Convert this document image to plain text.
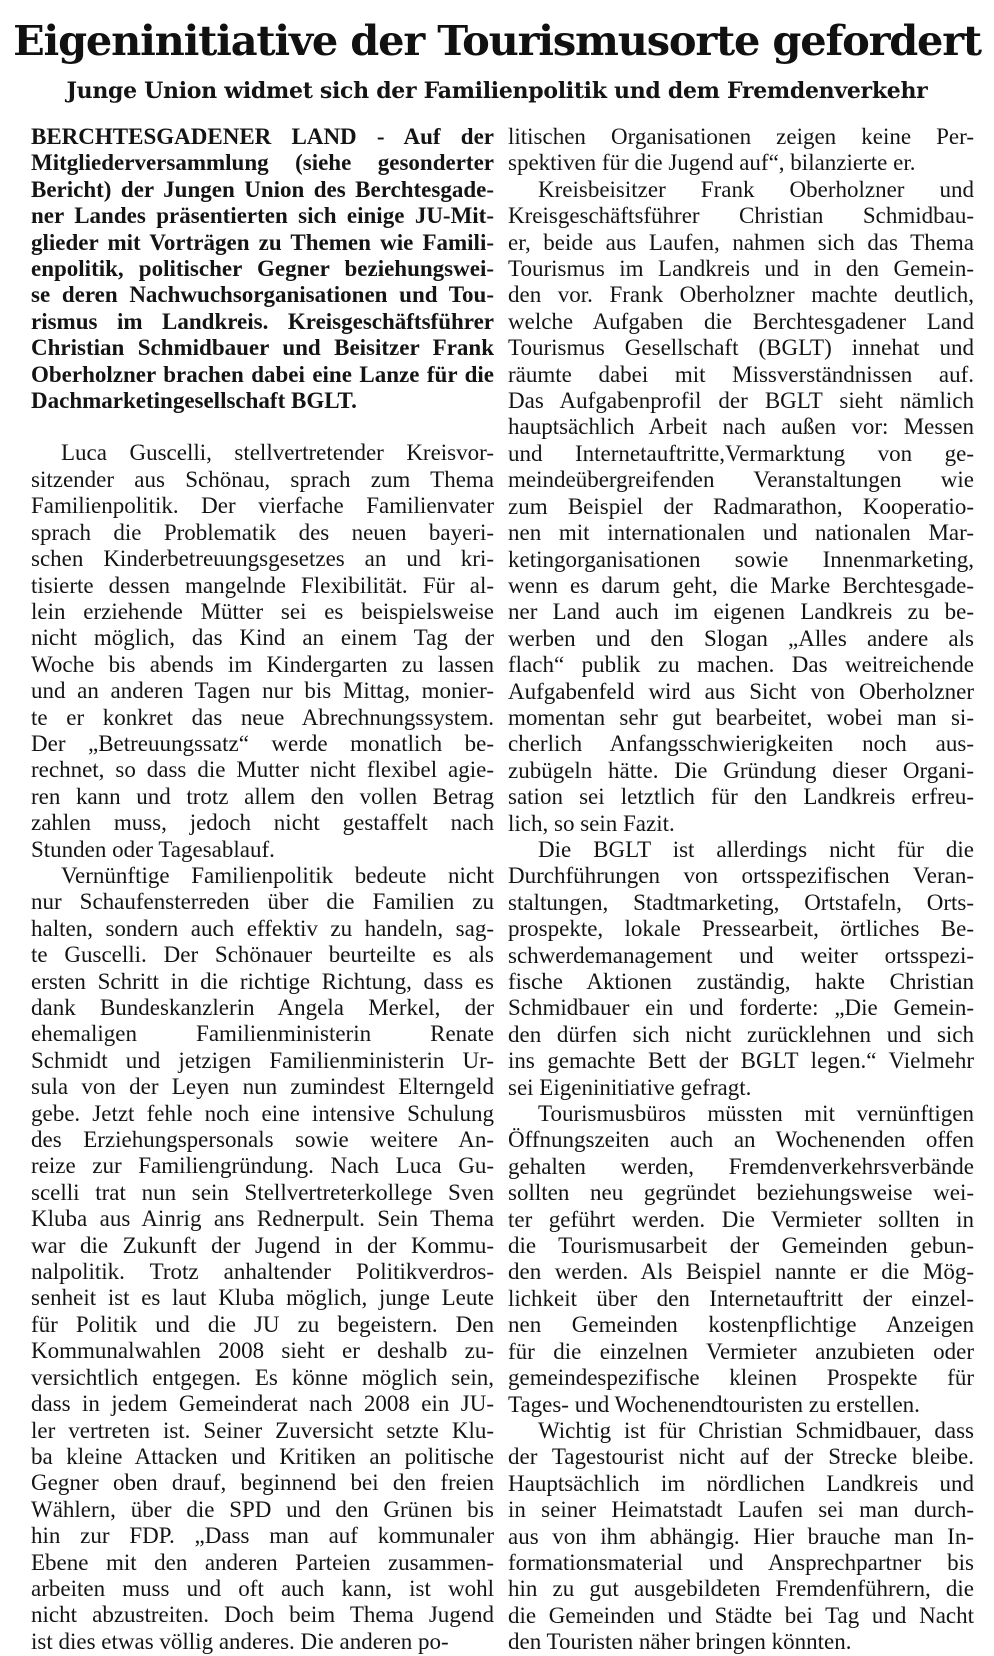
Eigeninitiative der Tourismusorte gefordert
Junge Union widmet sich der Familienpolitik und dem Fremdenverkehr

BERCHTESGADENER LAND - Auf der
Mitgliederversammlung (siehe gesonderter
Bericht) der Jungen Union des Berchtesgade-
ner Landes präsentierten sich einige JU-Mit-
glieder mit Vorträgen zu Themen wie Famili-
enpolitik, politischer Gegner beziehungswei-
se deren Nachwuchsorganisationen und Tou-
rismus im Landkreis. Kreisgeschäftsführer
Christian Schmidbauer und Beisitzer Frank
Oberholzner brachen dabei eine Lanze für die
Dachmarketingesellschaft BGLT.

Luca Guscelli, stellvertretender Kreisvor-
sitzender aus Schönau, sprach zum Thema
Familienpolitik. Der vierfache Familienvater
sprach die Problematik des neuen bayeri-
schen Kinderbetreuungsgesetzes an und kri-
tisierte dessen mangelnde Flexibilität. Für al-
lein erziehende Mütter sei es beispielsweise
nicht möglich, das Kind an einem Tag der
Woche bis abends im Kindergarten zu lassen
und an anderen Tagen nur bis Mittag, monier-
te er konkret das neue Abrechnungssystem.
Der „Betreuungssatz“ werde monatlich be-
rechnet, so dass die Mutter nicht flexibel agie-
ren kann und trotz allem den vollen Betrag
zahlen muss, jedoch nicht gestaffelt nach
Stunden oder Tagesablauf.

Vernünftige Familienpolitik bedeute nicht
nur Schaufensterreden über die Familien zu
halten, sondern auch effektiv zu handeln, sag-
te Guscelli. Der Schönauer beurteilte es als
ersten Schritt in die richtige Richtung, dass es
dank Bundeskanzlerin Angela Merkel, der
ehemaligen Familienministerin Renate
Schmidt und jetzigen Familienministerin Ur-
sula von der Leyen nun zumindest Elterngeld
gebe. Jetzt fehle noch eine intensive Schulung
des Erziehungspersonals sowie weitere An-
reize zur Familiengründung. Nach Luca Gu-
scelli trat nun sein Stellvertreterkollege Sven
Kluba aus Ainrig ans Rednerpult. Sein Thema
war die Zukunft der Jugend in der Kommu-
nalpolitik. Trotz anhaltender Politikverdros-
senheit ist es laut Kluba möglich, junge Leute
für Politik und die JU zu begeistern. Den
Kommunalwahlen 2008 sieht er deshalb zu-
versichtlich entgegen. Es könne möglich sein,
dass in jedem Gemeinderat nach 2008 ein JU-
ler vertreten ist. Seiner Zuversicht setzte Klu-
ba kleine Attacken und Kritiken an politische
Gegner oben drauf, beginnend bei den freien
Wählern, über die SPD und den Grünen bis
hin zur FDP. „Dass man auf kommunaler
Ebene mit den anderen Parteien zusammen-
arbeiten muss und oft auch kann, ist wohl
nicht abzustreiten. Doch beim Thema Jugend
ist dies etwas völlig anderes. Die anderen po-

litischen Organisationen zeigen keine Per-
spektiven für die Jugend auf“, bilanzierte er.

Kreisbeisitzer Frank Oberholzner und
Kreisgeschäftsführer Christian Schmidbau-
er, beide aus Laufen, nahmen sich das Thema
Tourismus im Landkreis und in den Gemein-
den vor. Frank Oberholzner machte deutlich,
welche Aufgaben die Berchtesgadener Land
Tourismus Gesellschaft (BGLT) innehat und
räumte dabei mit Missverständnissen auf.
Das Aufgabenprofil der BGLT sieht nämlich
hauptsächlich Arbeit nach außen vor: Messen
und Internetauftritte,Vermarktung von ge-
meindeübergreifenden Veranstaltungen wie
zum Beispiel der Radmarathon, Kooperatio-
nen mit internationalen und nationalen Mar-
ketingorganisationen sowie Innenmarketing,
wenn es darum geht, die Marke Berchtesgade-
ner Land auch im eigenen Landkreis zu be-
werben und den Slogan „Alles andere als
flach“ publik zu machen. Das weitreichende
Aufgabenfeld wird aus Sicht von Oberholzner
momentan sehr gut bearbeitet, wobei man si-
cherlich Anfangsschwierigkeiten noch aus-
zubügeln hätte. Die Gründung dieser Organi-
sation sei letztlich für den Landkreis erfreu-
lich, so sein Fazit.

Die BGLT ist allerdings nicht für die
Durchführungen von ortsspezifischen Veran-
staltungen, Stadtmarketing, Ortstafeln, Orts-
prospekte, lokale Pressearbeit, örtliches Be-
schwerdemanagement und weiter ortsspezi-
fische Aktionen zuständig, hakte Christian
Schmidbauer ein und forderte: „Die Gemein-
den dürfen sich nicht zurücklehnen und sich
ins gemachte Bett der BGLT legen.“ Vielmehr
sei Eigeninitiative gefragt.

Tourismusbüros müssten mit vernünftigen
Öffnungszeiten auch an Wochenenden offen
gehalten werden, Fremdenverkehrsverbände
sollten neu gegründet beziehungsweise wei-
ter geführt werden. Die Vermieter sollten in
die Tourismusarbeit der Gemeinden gebun-
den werden. Als Beispiel nannte er die Mög-
lichkeit über den Internetauftritt der einzel-
nen Gemeinden kostenpflichtige Anzeigen
für die einzelnen Vermieter anzubieten oder
gemeindespezifische kleinen Prospekte für
Tages- und Wochenendtouristen zu erstellen.

Wichtig ist für Christian Schmidbauer, dass
der Tagestourist nicht auf der Strecke bleibe.
Hauptsächlich im nördlichen Landkreis und
in seiner Heimatstadt Laufen sei man durch-
aus von ihm abhängig. Hier brauche man In-
formationsmaterial und Ansprechpartner bis
hin zu gut ausgebildeten Fremdenführern, die
die Gemeinden und Städte bei Tag und Nacht
den Touristen näher bringen könnten.
